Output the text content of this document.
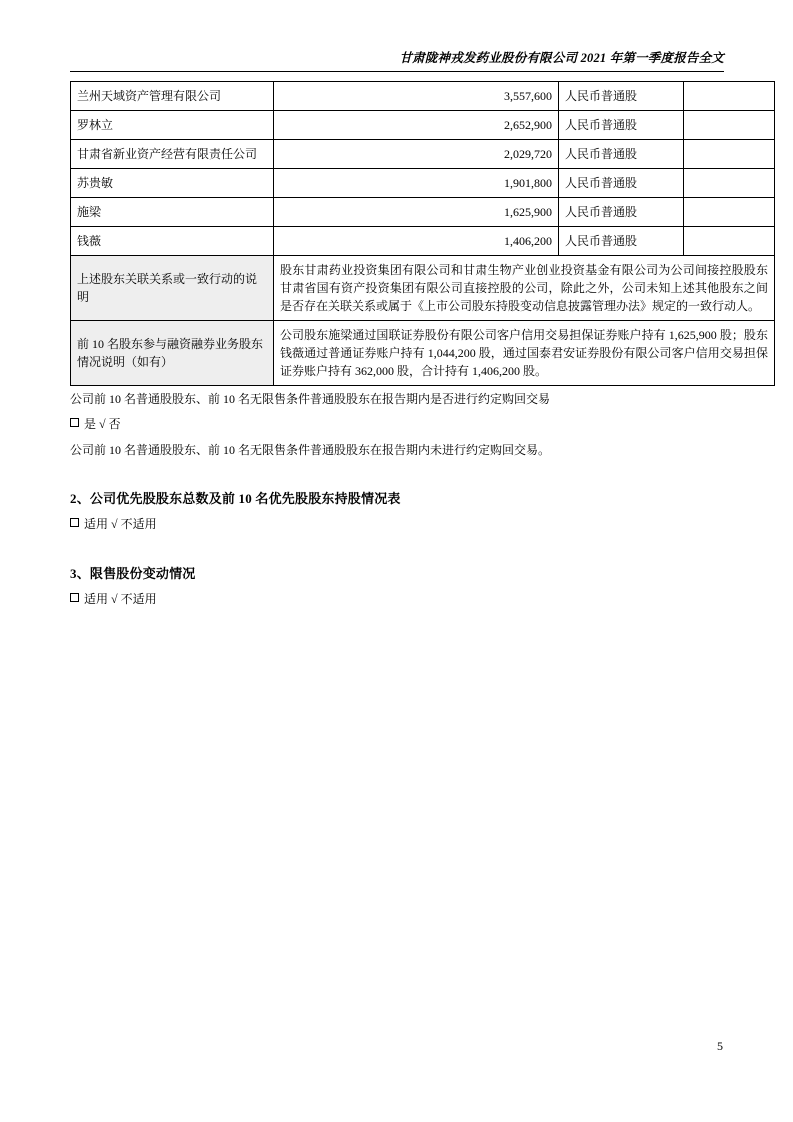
甘肃陇神戎发药业股份有限公司 2021 年第一季度报告全文
兰州天域资产管理有限公司	3,557,600	人民币普通股	
罗林立	2,652,900	人民币普通股	
甘肃省新业资产经营有限责任公司	2,029,720	人民币普通股	
苏贵敏	1,901,800	人民币普通股	
施梁	1,625,900	人民币普通股	
钱薇	1,406,200	人民币普通股	
上述股东关联关系或一致行动的说明	股东甘肃药业投资集团有限公司和甘肃生物产业创业投资基金有限公司为公司间接控股股东甘肃省国有资产投资集团有限公司直接控股的公司，除此之外，公司未知上述其他股东之间是否存在关联关系或属于《上市公司股东持股变动信息披露管理办法》规定的一致行动人。		
前 10 名股东参与融资融券业务股东情况说明（如有）	公司股东施梁通过国联证券股份有限公司客户信用交易担保证券账户持有 1,625,900 股；股东钱薇通过普通证券账户持有 1,044,200 股，通过国泰君安证券股份有限公司客户信用交易担保证券账户持有 362,000 股，合计持有 1,406,200 股。		

公司前 10 名普通股股东、前 10 名无限售条件普通股股东在报告期内是否进行约定购回交易

是 √ 否

公司前 10 名普通股股东、前 10 名无限售条件普通股股东在报告期内未进行约定购回交易。

2、公司优先股股东总数及前 10 名优先股股东持股情况表

适用 √ 不适用

3、限售股份变动情况

适用 √ 不适用

5
